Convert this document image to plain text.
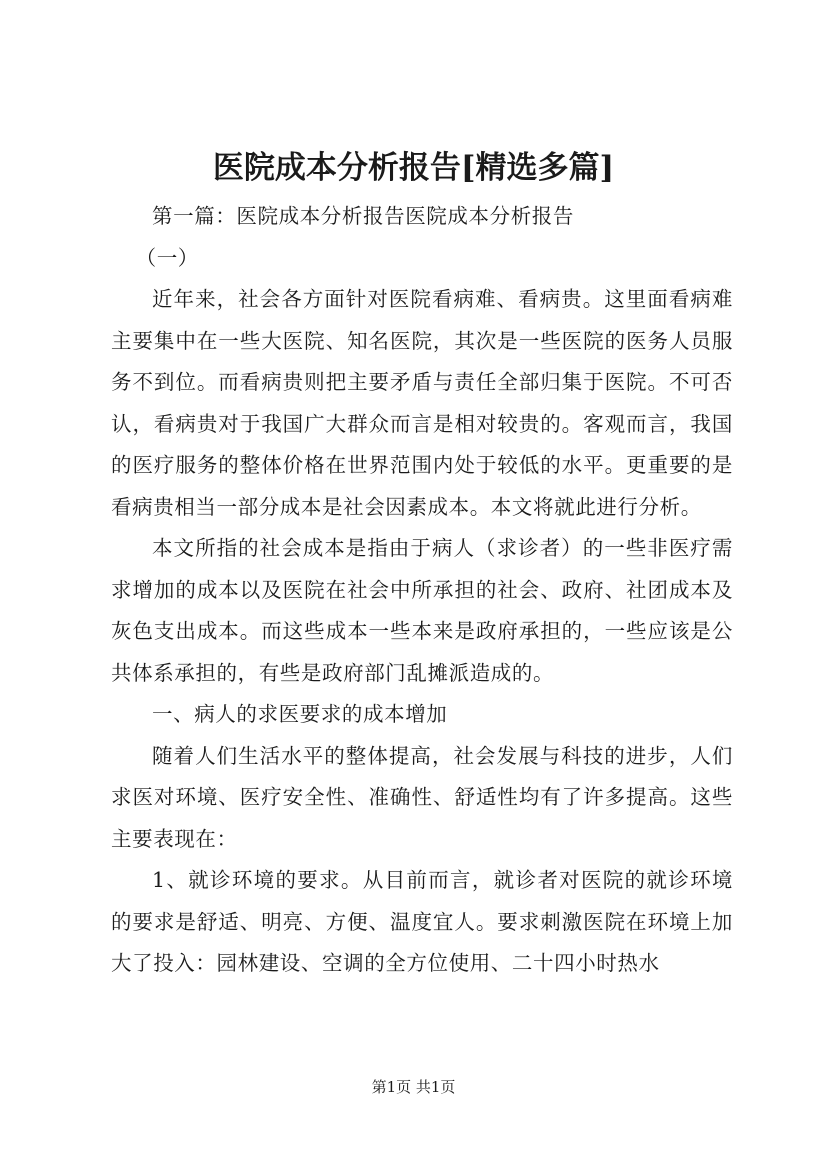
医院成本分析报告[精选多篇]

第一篇：医院成本分析报告医院成本分析报告

（一）

近年来，社会各方面针对医院看病难、看病贵。这里面看病难主要集中在一些大医院、知名医院，其次是一些医院的医务人员服务不到位。而看病贵则把主要矛盾与责任全部归集于医院。不可否认，看病贵对于我国广大群众而言是相对较贵的。客观而言，我国的医疗服务的整体价格在世界范围内处于较低的水平。更重要的是看病贵相当一部分成本是社会因素成本。本文将就此进行分析。

本文所指的社会成本是指由于病人（求诊者）的一些非医疗需求增加的成本以及医院在社会中所承担的社会、政府、社团成本及灰色支出成本。而这些成本一些本来是政府承担的，一些应该是公共体系承担的，有些是政府部门乱摊派造成的。

一、病人的求医要求的成本增加

随着人们生活水平的整体提高，社会发展与科技的进步，人们求医对环境、医疗安全性、准确性、舒适性均有了许多提高。这些主要表现在：

1、就诊环境的要求。从目前而言，就诊者对医院的就诊环境的要求是舒适、明亮、方便、温度宜人。要求刺激医院在环境上加大了投入：园林建设、空调的全方位使用、二十四小时热水

第1页 共1页
